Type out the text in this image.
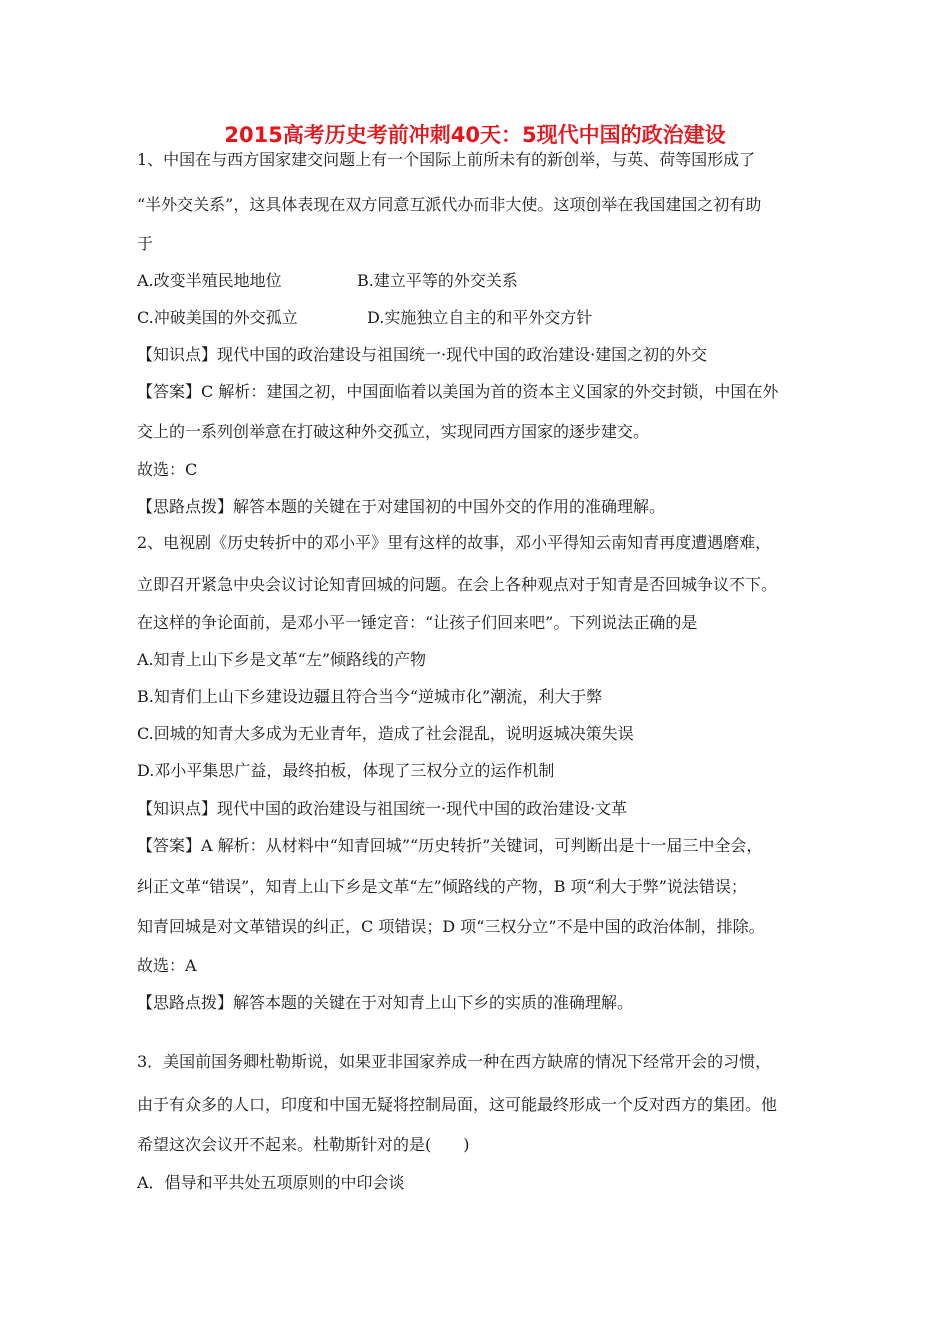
2015高考历史考前冲刺40天：5现代中国的政治建设
1、中国在与西方国家建交问题上有一个国际上前所未有的新创举，与英、荷等国形成了
“半外交关系”，这具体表现在双方同意互派代办而非大使。这项创举在我国建国之初有助
于
A.改变半殖民地地位	B.建立平等的外交关系
C.冲破美国的外交孤立	D.实施独立自主的和平外交方针
【知识点】现代中国的政治建设与祖国统一·现代中国的政治建设·建国之初的外交
【答案】C 解析：建国之初，中国面临着以美国为首的资本主义国家的外交封锁，中国在外
交上的一系列创举意在打破这种外交孤立，实现同西方国家的逐步建交。
故选：C
【思路点拨】解答本题的关键在于对建国初的中国外交的作用的准确理解。
2、电视剧《历史转折中的邓小平》里有这样的故事，邓小平得知云南知青再度遭遇磨难，
立即召开紧急中央会议讨论知青回城的问题。在会上各种观点对于知青是否回城争议不下。
在这样的争论面前，是邓小平一锤定音：“让孩子们回来吧”。下列说法正确的是
A.知青上山下乡是文革“左”倾路线的产物
B.知青们上山下乡建设边疆且符合当今“逆城市化”潮流，利大于弊
C.回城的知青大多成为无业青年，造成了社会混乱，说明返城决策失误
D.邓小平集思广益，最终拍板，体现了三权分立的运作机制
【知识点】现代中国的政治建设与祖国统一·现代中国的政治建设·文革
【答案】A 解析：从材料中“知青回城”“历史转折”关键词，可判断出是十一届三中全会，
纠正文革“错误”，知青上山下乡是文革“左”倾路线的产物，B 项“利大于弊”说法错误；
知青回城是对文革错误的纠正，C 项错误；D 项“三权分立”不是中国的政治体制，排除。
故选：A
【思路点拨】解答本题的关键在于对知青上山下乡的实质的准确理解。
3．美国前国务卿杜勒斯说，如果亚非国家养成一种在西方缺席的情况下经常开会的习惯，
由于有众多的人口，印度和中国无疑将控制局面，这可能最终形成一个反对西方的集团。他
希望这次会议开不起来。杜勒斯针对的是(　　)
A．倡导和平共处五项原则的中印会谈
